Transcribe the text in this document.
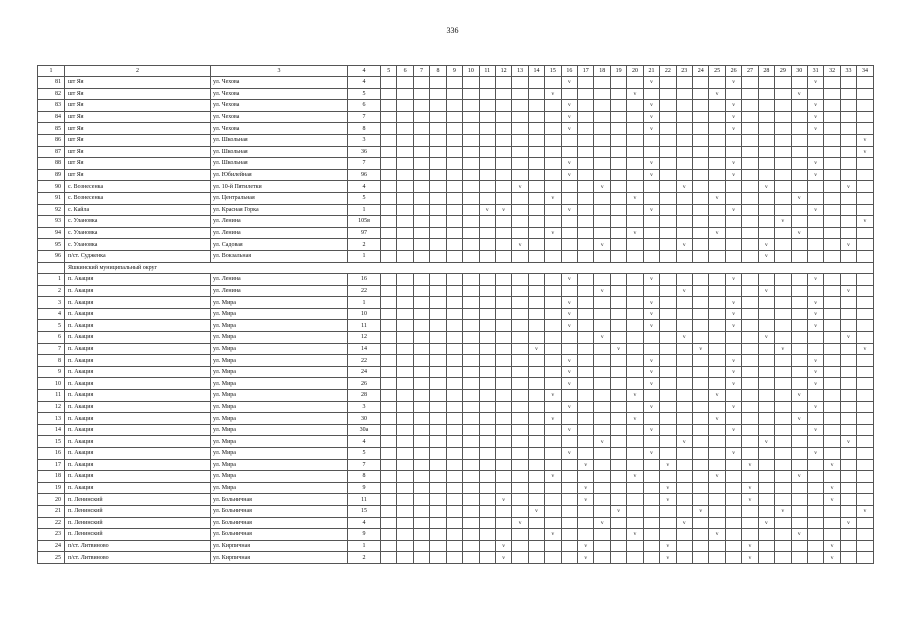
336
1	2	3	4	5	6	7	8	9	10	11	12	13	14	15	16	17	18	19	20	21	22	23	24	25	26	27	28	29	30	31	32	33	34
81	шт Яя	ул. Чехова	4												v					v					v					v			
82	шт Яя	ул. Чехова	5											v					v					v					v				
83	шт Яя	ул. Чехова	6												v					v					v					v			
84	шт Яя	ул. Чехова	7												v					v					v					v			
85	шт Яя	ул. Чехова	8												v					v					v					v			
86	шт Яя	ул. Школьная	3																														v
87	шт Яя	ул. Школьная	36																														v
88	шт Яя	ул. Школьная	7												v					v					v					v			
89	шт Яя	ул. Юбилейная	96												v					v					v					v			
90	с. Вознесенка	ул. 10-й Пятилетки	4									v					v					v					v					v	
91	с. Вознесенка	ул. Центральная	5											v					v					v					v				
92	с. Кайла	ул. Красная Горка	1							v	v				v					v					v					v			
93	с. Улановка	ул. Ленина	105в																									v					v
94	с. Улановка	ул. Ленина	97											v					v					v					v				
95	с. Улановка	ул. Садовая	2									v					v					v					v					v	
96	п/ст. Судженка	ул. Вокзальная	1																								v						
	Яшкинский муниципальный округ																																
1	п. Акация	ул. Ленина	16												v					v					v					v			
2	п. Акация	ул. Ленина	22														v					v					v					v	
3	п. Акация	ул. Мира	1												v					v					v					v			
4	п. Акация	ул. Мира	10												v					v					v					v			
5	п. Акация	ул. Мира	11												v					v					v					v			
6	п. Акация	ул. Мира	12														v					v					v					v	
7	п. Акация	ул. Мира	14										v					v					v					v					v
8	п. Акация	ул. Мира	22												v					v					v					v			
9	п. Акация	ул. Мира	24												v					v					v					v			
10	п. Акация	ул. Мира	26												v					v					v					v			
11	п. Акация	ул. Мира	28											v					v					v					v				
12	п. Акация	ул. Мира	3												v					v					v					v			
13	п. Акация	ул. Мира	30											v					v					v					v				
14	п. Акация	ул. Мира	30а												v					v					v					v			
15	п. Акация	ул. Мира	4														v					v					v					v	
16	п. Акация	ул. Мира	5												v					v					v					v			
17	п. Акация	ул. Мира	7													v					v					v					v		
18	п. Акация	ул. Мира	8											v					v					v					v				
19	п. Акация	ул. Мира	9													v					v					v					v		
20	п. Ленинский	ул. Больничная	11								v					v					v					v					v		
21	п. Ленинский	ул. Больничная	15										v					v					v					v					v
22	п. Ленинский	ул. Больничная	4									v					v					v					v					v	
23	п. Ленинский	ул. Больничная	9											v					v					v					v				
24	п/ст. Литвиново	ул. Кирпичная	1								v					v					v					v					v		
25	п/ст. Литвиново	ул. Кирпичная	2								v					v					v					v					v		
